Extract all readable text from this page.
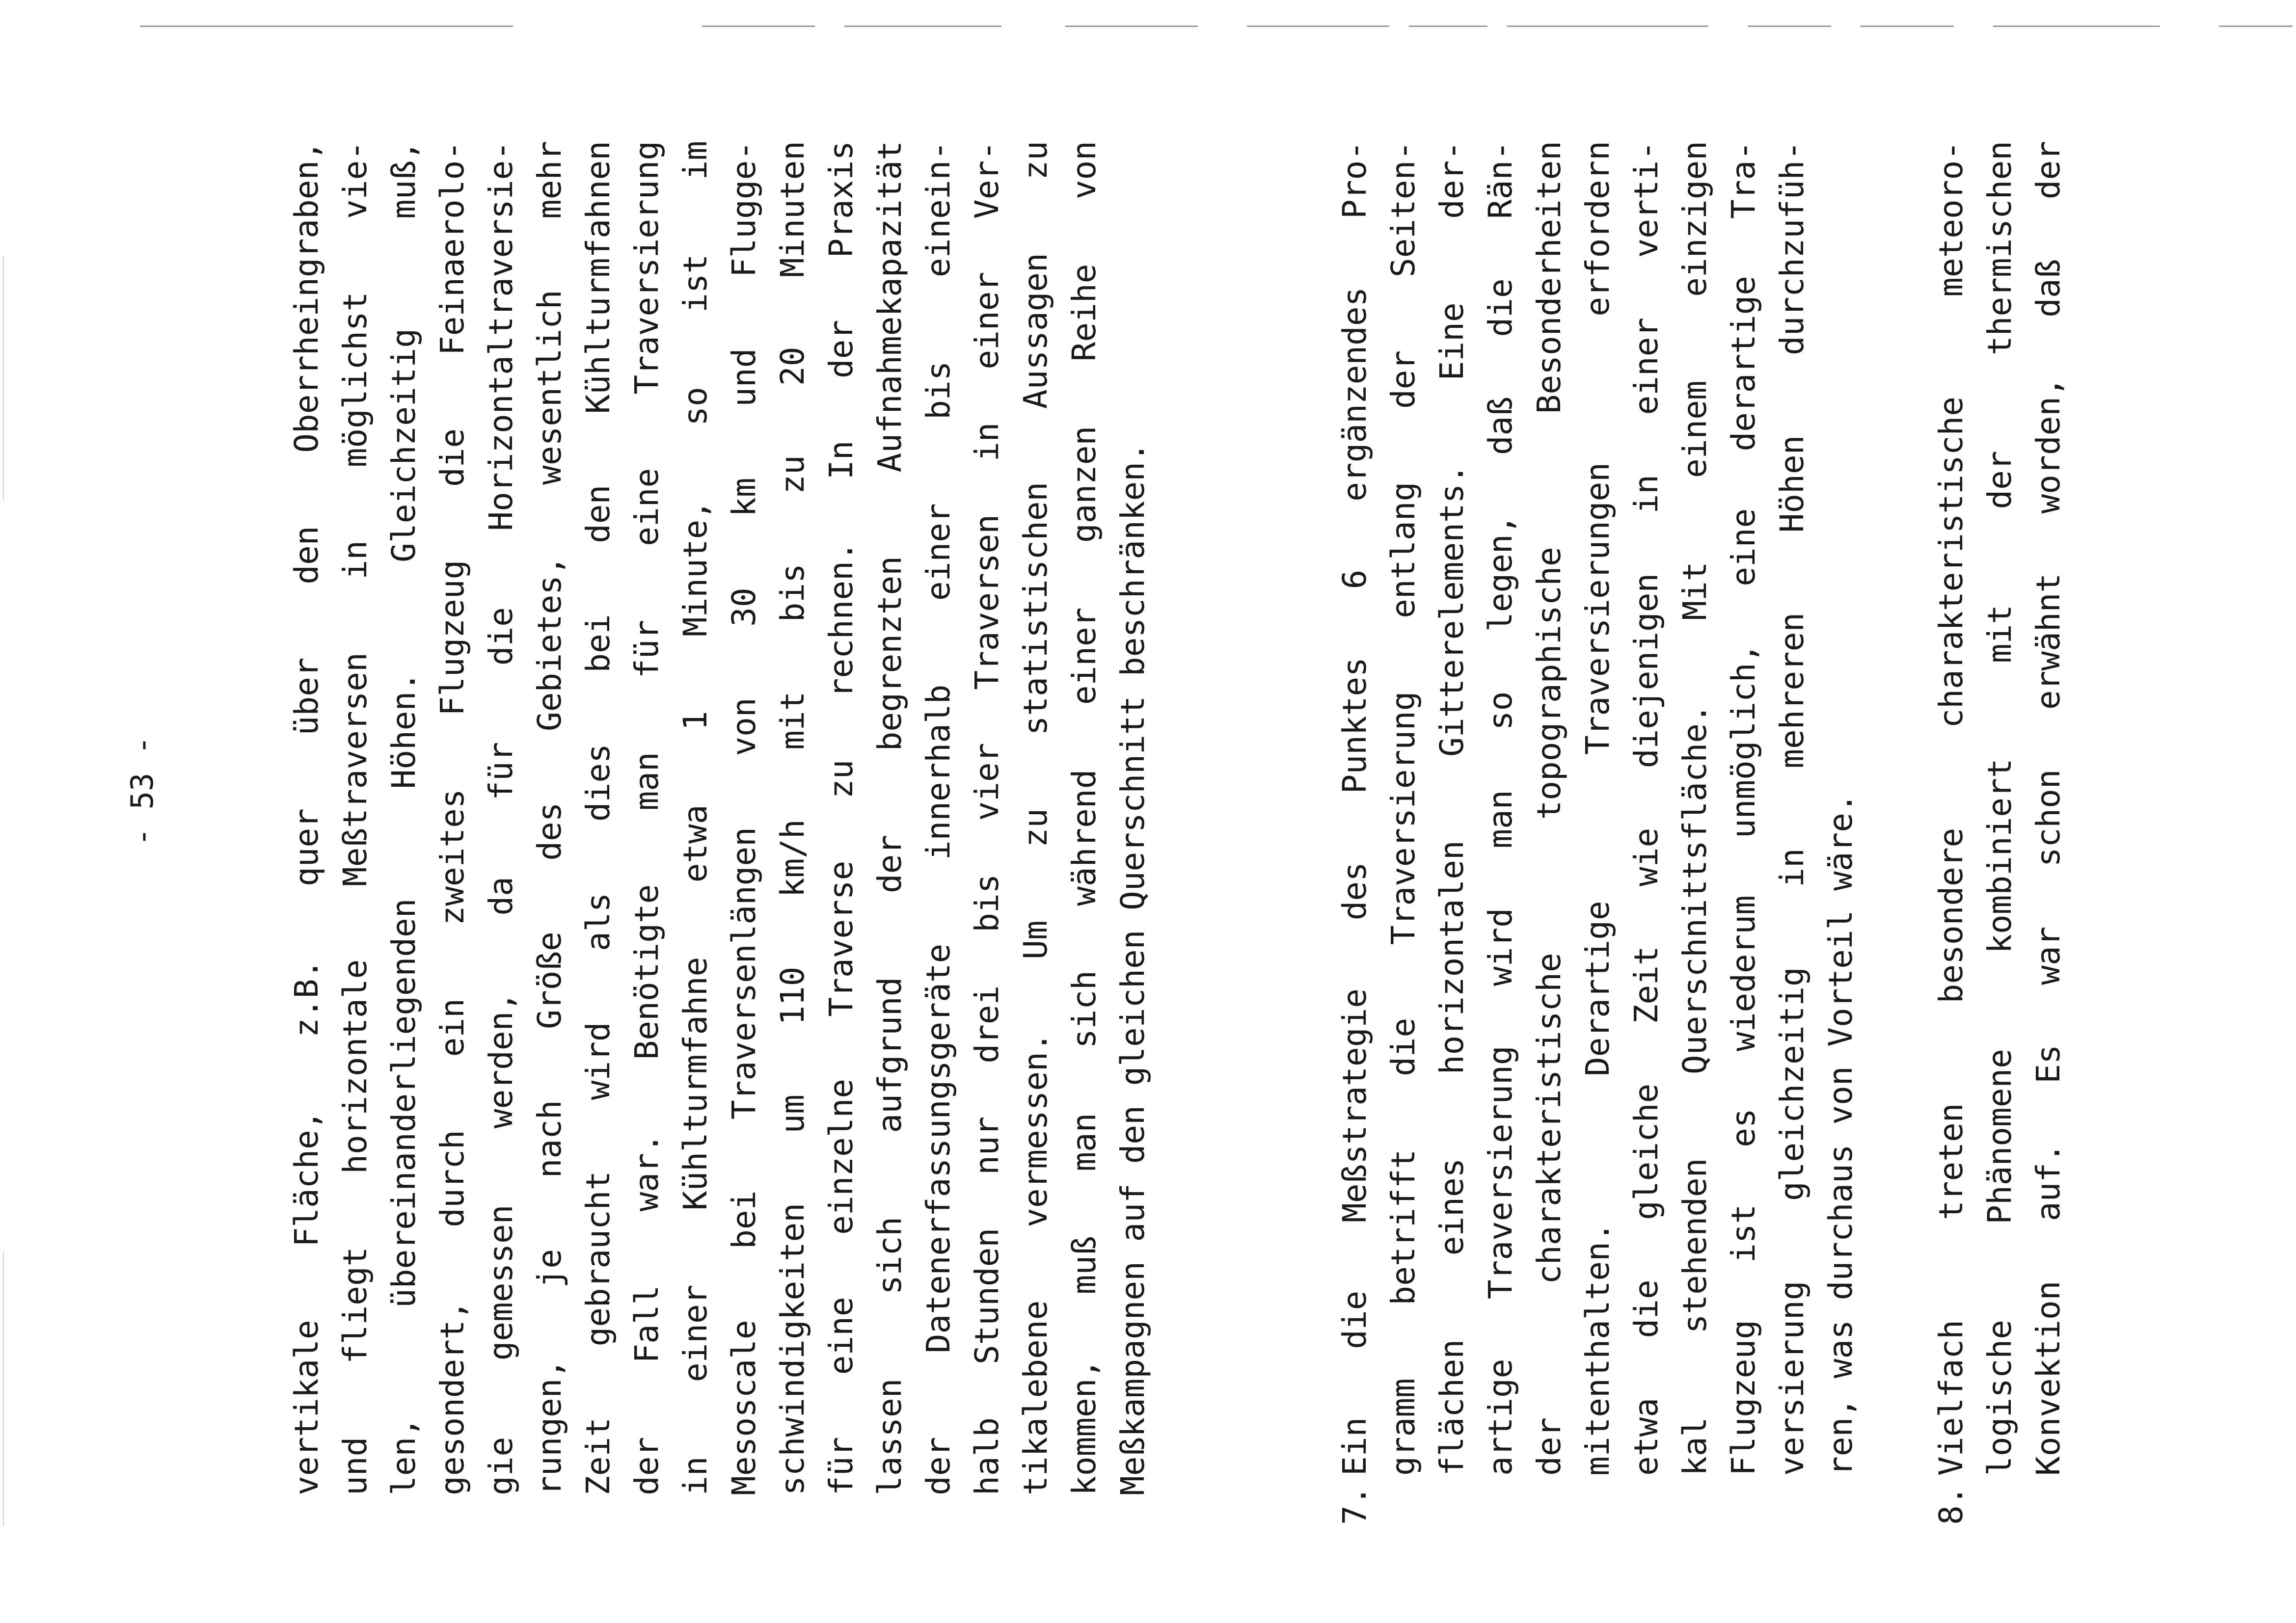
- 53 -	vertikale Fläche, z.B. quer über den Oberrheingraben, und fliegt horizontale Meßtraversen in möglichst vie- len, übereinanderliegenden Höhen. Gleichzeitig muß, gesondert, durch ein zweites Flugzeug die Feinaerolo- gie gemessen werden, da für die Horizontaltraversie- rungen, je nach Größe des Gebietes, wesentlich mehr Zeit gebraucht wird als dies bei den Kühlturmfahnen der Fall war. Benötigte man für eine Traversierung in einer Kühlturmfahne etwa 1 Minute, so ist im Mesoscale bei Traversenlängen von 30 km und Flugge- schwindigkeiten um 110 km/h mit bis zu 20 Minuten für eine einzelne Traverse zu rechnen. In der Praxis lassen sich aufgrund der begrenzten Aufnahmekapazität der Datenerfassungsgeräte innerhalb einer bis einein- halb Stunden nur drei bis vier Traversen in einer Ver- tikalebene vermessen. Um zu statistischen Aussagen zu kommen, muß man sich während einer ganzen Reihe von Meßkampagnen auf den gleichen Querschnitt beschränken.
7.
Ein die Meßstrategie des Punktes 6 ergänzendes Pro- gramm betrifft die Traversierung entlang der Seiten- flächen eines horizontalen Gitterelements. Eine der- artige Traversierung wird man so legen, daß die Rän- der charakteristische topographische Besonderheiten mitenthalten. Derartige Traversierungen erfordern etwa die gleiche Zeit wie diejenigen in einer verti- kal stehenden Querschnittsfläche. Mit einem einzigen Flugzeug ist es wiederum unmöglich, eine derartige Tra- versierung gleichzeitig in mehreren Höhen durchzufüh- ren, was durchaus von Vorteil wäre.
8.
Vielfach treten besondere charakteristische meteoro- logische Phänomene kombiniert mit der thermischen Konvektion auf. Es war schon erwähnt worden, daß der
